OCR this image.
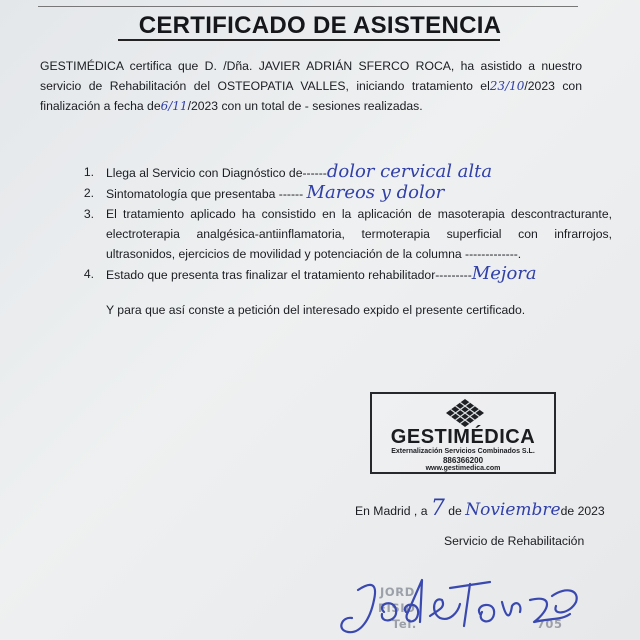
CERTIFICADO DE ASISTENCIA
GESTIMÉDICA certifica que D. /Dña. JAVIER ADRIÁN SFERCO ROCA, ha asistido a nuestro servicio de Rehabilitación del OSTEOPATIA VALLES, iniciando tratamiento el23/10/2023 con finalización a fecha de6/11/2023 con un total de - sesiones realizadas.
1. Llega al Servicio con Diagnóstico de------dolor cervical alta
2. Sintomatología que presentaba ------ Mareos y dolor
3. El tratamiento aplicado ha consistido en la aplicación de masoterapia descontracturante, electroterapia analgésica-antiinflamatoria, termoterapia superficial con infrarrojos, ultrasonidos, ejercicios de movilidad y potenciación de la columna -------------.
4. Estado que presenta tras finalizar el tratamiento rehabilitador---------Mejora
Y para que así conste a petición del interesado expido el presente certificado.
GESTIMÉDICA
Externalización Servicios Combinados S.L.
886366200
www.gestimedica.com
En Madrid , a 7 de Noviembrede 2023
Servicio de Rehabilitación
JORD
FISIO
Tel.	705
